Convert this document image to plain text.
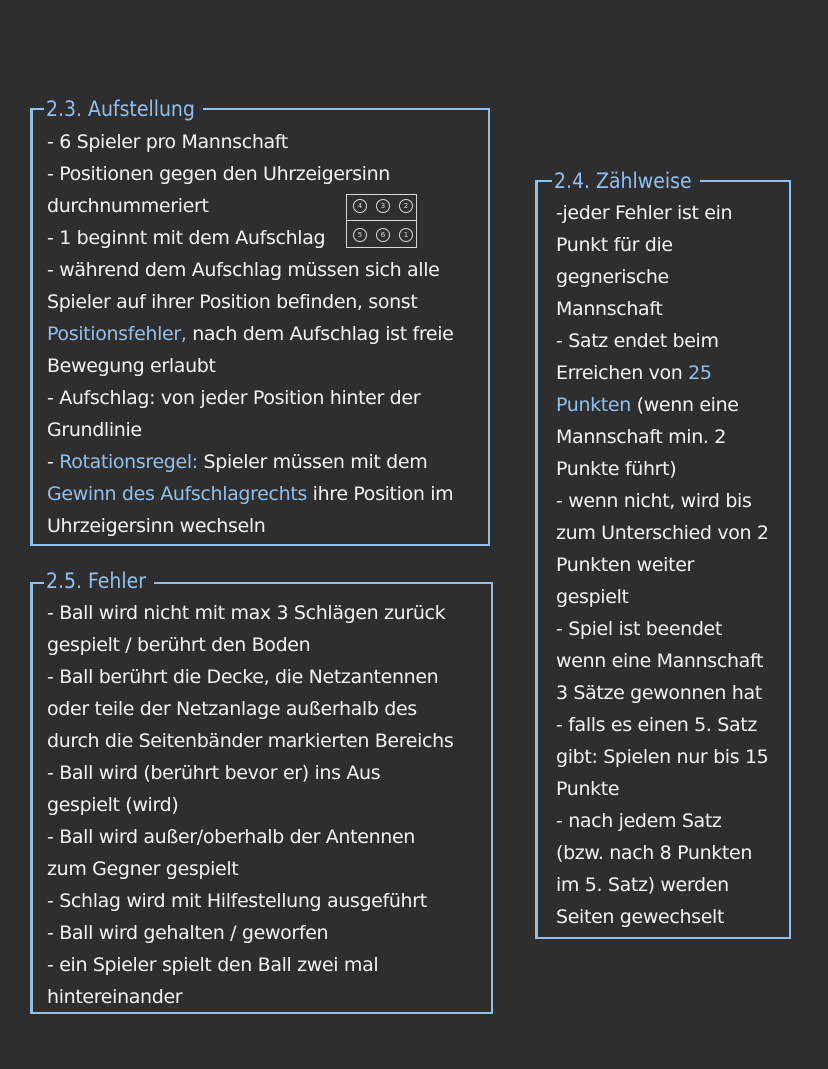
2.3. Aufstellung

- 6 Spieler pro Mannschaft

- Positionen gegen den Uhrzeigersinn

durchnummeriert

- 1 beginnt mit dem Aufschlag

- während dem Aufschlag müssen sich alle

Spieler auf ihrer Position befinden, sonst

Positionsfehler, nach dem Aufschlag ist freie

Bewegung erlaubt

- Aufschlag: von jeder Position hinter der

Grundlinie

- Rotationsregel: Spieler müssen mit dem

Gewinn des Aufschlagrechts ihre Position im

Uhrzeigersinn wechseln

4	3	2
5	6	1
2.5. Fehler

- Ball wird nicht mit max 3 Schlägen zurück

gespielt / berührt den Boden

- Ball berührt die Decke, die Netzantennen

oder teile der Netzanlage außerhalb des

durch die Seitenbänder markierten Bereichs

- Ball wird (berührt bevor er) ins Aus

gespielt (wird)

- Ball wird außer/oberhalb der Antennen

zum Gegner gespielt

- Schlag wird mit Hilfestellung ausgeführt

- Ball wird gehalten / geworfen

- ein Spieler spielt den Ball zwei mal

hintereinander

2.4. Zählweise

-jeder Fehler ist ein

Punkt für die

gegnerische

Mannschaft

- Satz endet beim

Erreichen von 25

Punkten (wenn eine

Mannschaft min. 2

Punkte führt)

- wenn nicht, wird bis

zum Unterschied von 2

Punkten weiter

gespielt

- Spiel ist beendet

wenn eine Mannschaft

3 Sätze gewonnen hat

- falls es einen 5. Satz

gibt: Spielen nur bis 15

Punkte

- nach jedem Satz

(bzw. nach 8 Punkten

im 5. Satz) werden

Seiten gewechselt
